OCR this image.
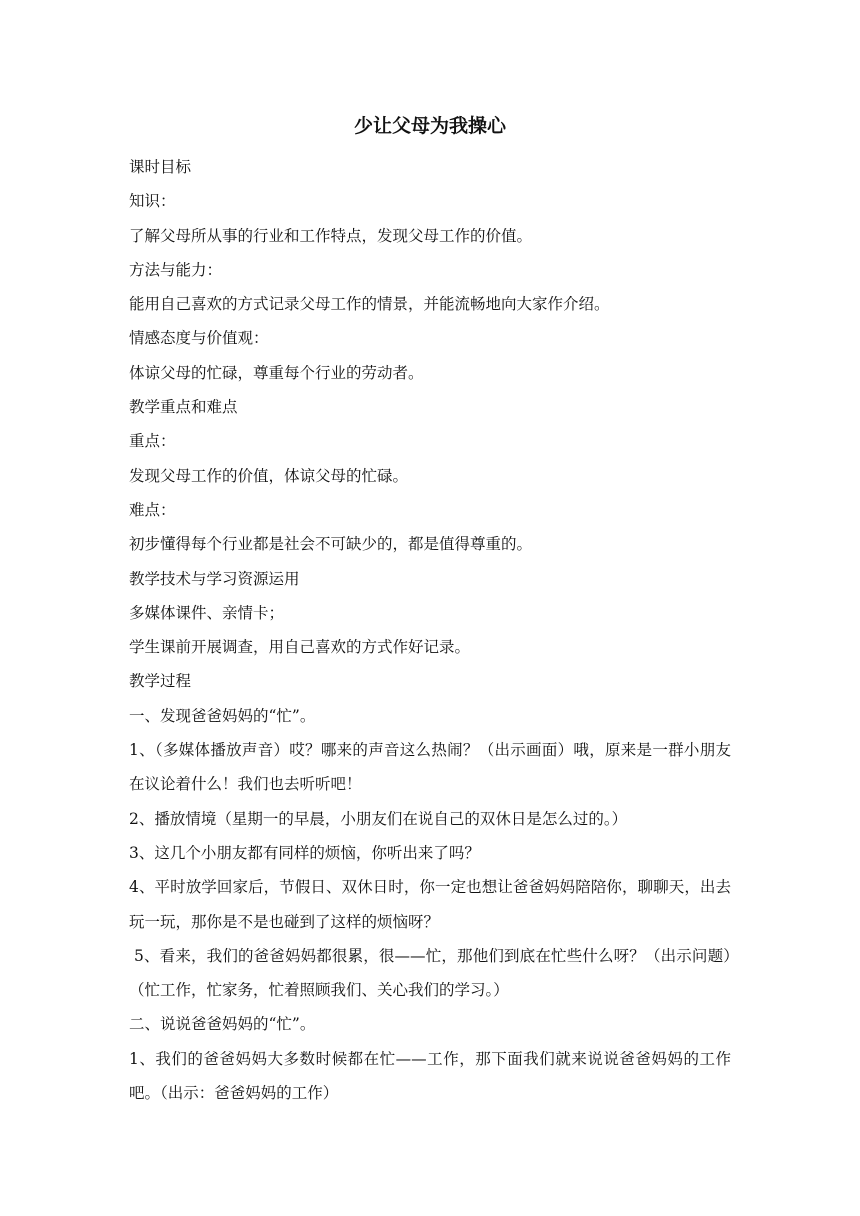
少让父母为我操心

课时目标

知识：

了解父母所从事的行业和工作特点，发现父母工作的价值。

方法与能力：

能用自己喜欢的方式记录父母工作的情景，并能流畅地向大家作介绍。

情感态度与价值观：

体谅父母的忙碌，尊重每个行业的劳动者。

教学重点和难点

重点：

发现父母工作的价值，体谅父母的忙碌。

难点：

初步懂得每个行业都是社会不可缺少的，都是值得尊重的。

教学技术与学习资源运用

多媒体课件、亲情卡；

学生课前开展调查，用自己喜欢的方式作好记录。

教学过程

一、发现爸爸妈妈的“忙”。

1、（多媒体播放声音）哎？哪来的声音这么热闹？（出示画面）哦，原来是一群小朋友在议论着什么！我们也去听听吧！

2、播放情境（星期一的早晨，小朋友们在说自己的双休日是怎么过的。）

3、这几个小朋友都有同样的烦恼，你听出来了吗？

4、平时放学回家后，节假日、双休日时，你一定也想让爸爸妈妈陪陪你，聊聊天，出去玩一玩，那你是不是也碰到了这样的烦恼呀？

5、看来，我们的爸爸妈妈都很累，很——忙，那他们到底在忙些什么呀？（出示问题）（忙工作，忙家务，忙着照顾我们、关心我们的学习。）

二、说说爸爸妈妈的“忙”。

1、我们的爸爸妈妈大多数时候都在忙——工作，那下面我们就来说说爸爸妈妈的工作吧。（出示：爸爸妈妈的工作）
